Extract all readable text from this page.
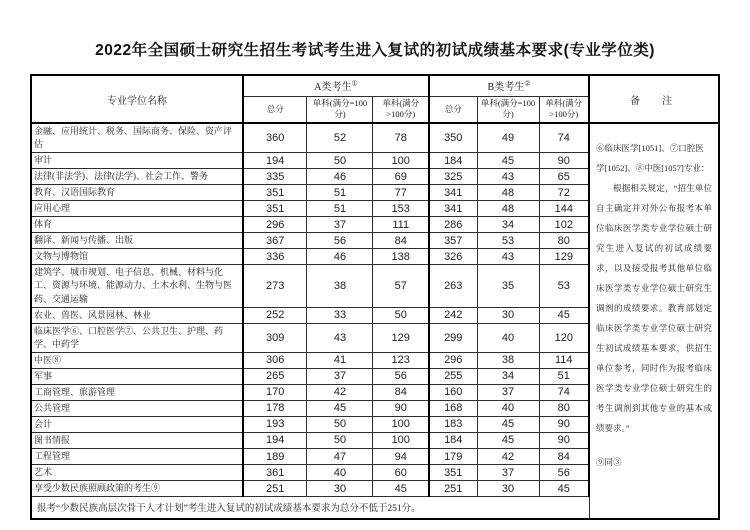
2022年全国硕士研究生招生考试考生进入复试的初试成绩基本要求(专业学位类)
专业学位名称	A类考生①			B类考生②			备　注
	总分	单科(满分=100分)	单科(满分>100分)	总分	单科(满分=100分)	单科(满分>100分)	
金融、应用统计、税务、国际商务、保险、资产评估	360	52	78	350	49	74	⑥临床医学[1051]、⑦口腔医学[1052]、⑧中医[1057]专业：

根据相关规定，“招生单位自主确定并对外公布报考本单位临床医学类专业学位硕士研究生进入复试的初试成绩要求，以及接受报考其他单位临床医学类专业学位硕士研究生调剂的成绩要求。教育部划定临床医学类专业学位硕士研究生初试成绩基本要求，供招生单位参考，同时作为报考临床医学类专业学位硕士研究生的考生调剂到其他专业的基本成绩要求。”

⑨同③

审计	194	50	100	184	45	90	
法律(非法学)、法律(法学)、社会工作、警务	335	46	69	325	43	65	
教育、汉语国际教育	351	51	77	341	48	72	
应用心理	351	51	153	341	48	144	
体育	296	37	111	286	34	102	
翻译、新闻与传播、出版	367	56	84	357	53	80	
文物与博物馆	336	46	138	326	43	129	
建筑学、城市规划、电子信息、机械、材料与化工、资源与环境、能源动力、土木水利、生物与医药、交通运输	273	38	57	263	35	53	
农业、兽医、风景园林、林业	252	33	50	242	30	45	
临床医学⑥、口腔医学⑦、公共卫生、护理、药学、中药学	309	43	129	299	40	120	
中医⑧	306	41	123	296	38	114	
军事	265	37	56	255	34	51	
工商管理、旅游管理	170	42	84	160	37	74	
公共管理	178	45	90	168	40	80	
会计	193	50	100	183	45	90	
图书情报	194	50	100	184	45	90	
工程管理	189	47	94	179	42	84	
艺术	361	40	60	351	37	56	
享受少数民族照顾政策的考生⑨	251	30	45	251	30	45	
报考“少数民族高层次骨干人才计划”考生进入复试的初试成绩基本要求为总分不低于251分。							
